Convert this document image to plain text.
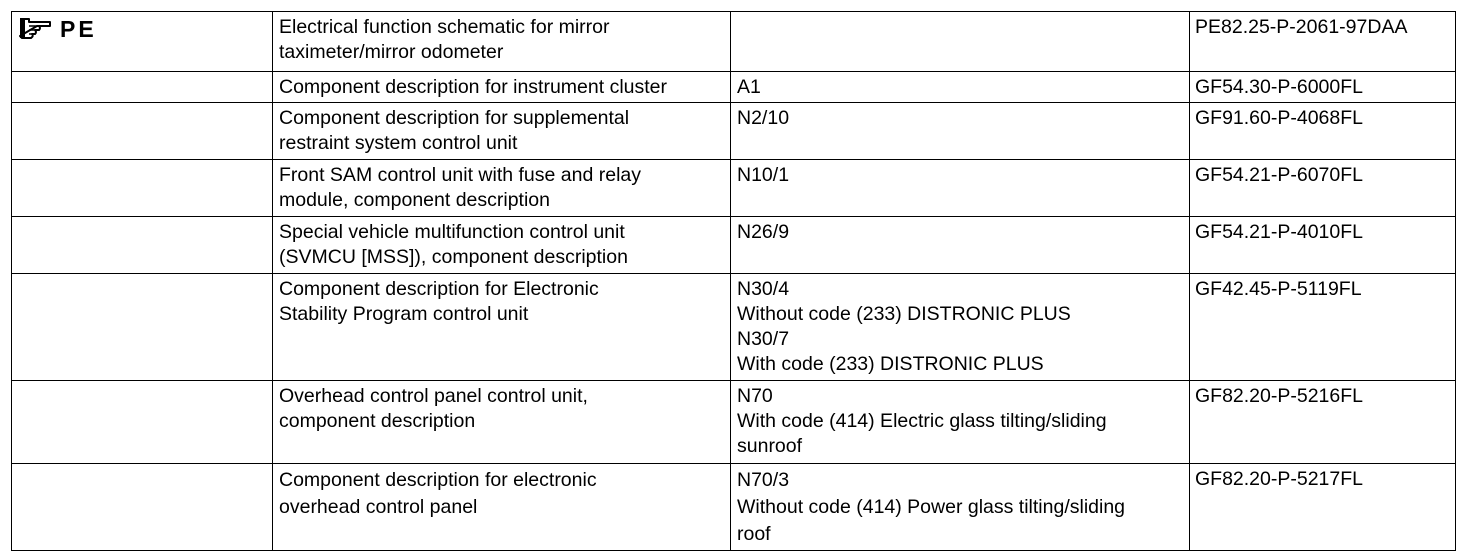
PE	Electrical function schematic for mirror
taximeter/mirror odometer		PE82.25-P-2061-97DAA

	Component description for instrument cluster	A1	GF54.30-P-6000FL

	Component description for supplemental
restraint system control unit	N2/10	GF91.60-P-4068FL

	Front SAM control unit with fuse and relay
module, component description	N10/1	GF54.21-P-6070FL

	Special vehicle multifunction control unit
(SVMCU [MSS]), component description	N26/9	GF54.21-P-4010FL

	Component description for Electronic
Stability Program control unit	N30/4
Without code (233) DISTRONIC PLUS
N30/7
With code (233) DISTRONIC PLUS	GF42.45-P-5119FL

	Overhead control panel control unit,
component description	N70
With code (414) Electric glass tilting/sliding
sunroof	GF82.20-P-5216FL

	Component description for electronic
overhead control panel	N70/3
Without code (414) Power glass tilting/sliding
roof	GF82.20-P-5217FL
